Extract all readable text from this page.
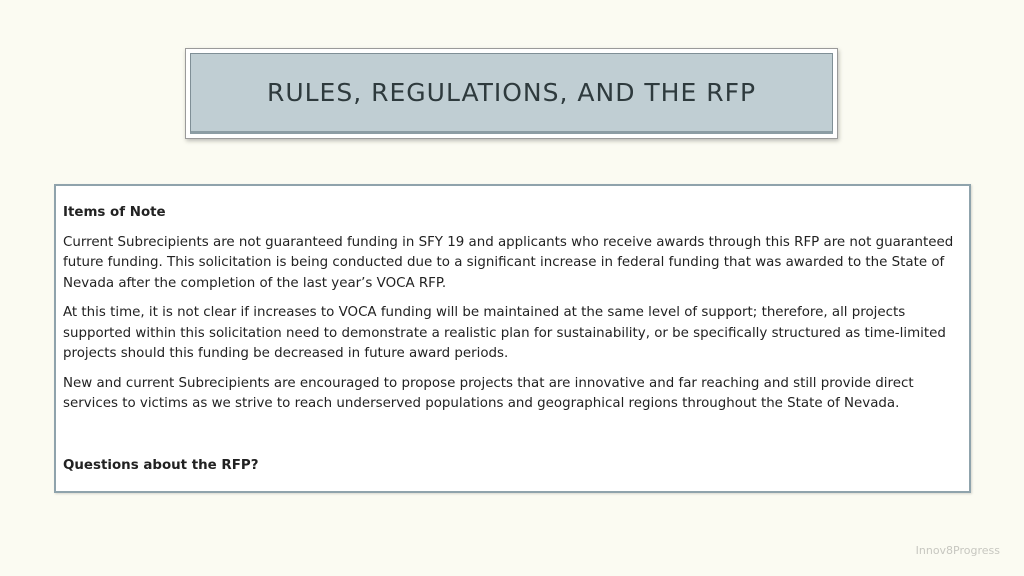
RULES, REGULATIONS, AND THE RFP

Items of Note

Current Subrecipients are not guaranteed funding in SFY 19 and applicants who receive awards through this RFP are not guaranteed future funding. This solicitation is being conducted due to a significant increase in federal funding that was awarded to the State of Nevada after the completion of the last year’s VOCA RFP.

At this time, it is not clear if increases to VOCA funding will be maintained at the same level of support; therefore, all projects supported within this solicitation need to demonstrate a realistic plan for sustainability, or be specifically structured as time-limited projects should this funding be decreased in future award periods.

New and current Subrecipients are encouraged to propose projects that are innovative and far reaching and still provide direct services to victims as we strive to reach underserved populations and geographical regions throughout the State of Nevada.

Questions about the RFP?

Innov8Progress
